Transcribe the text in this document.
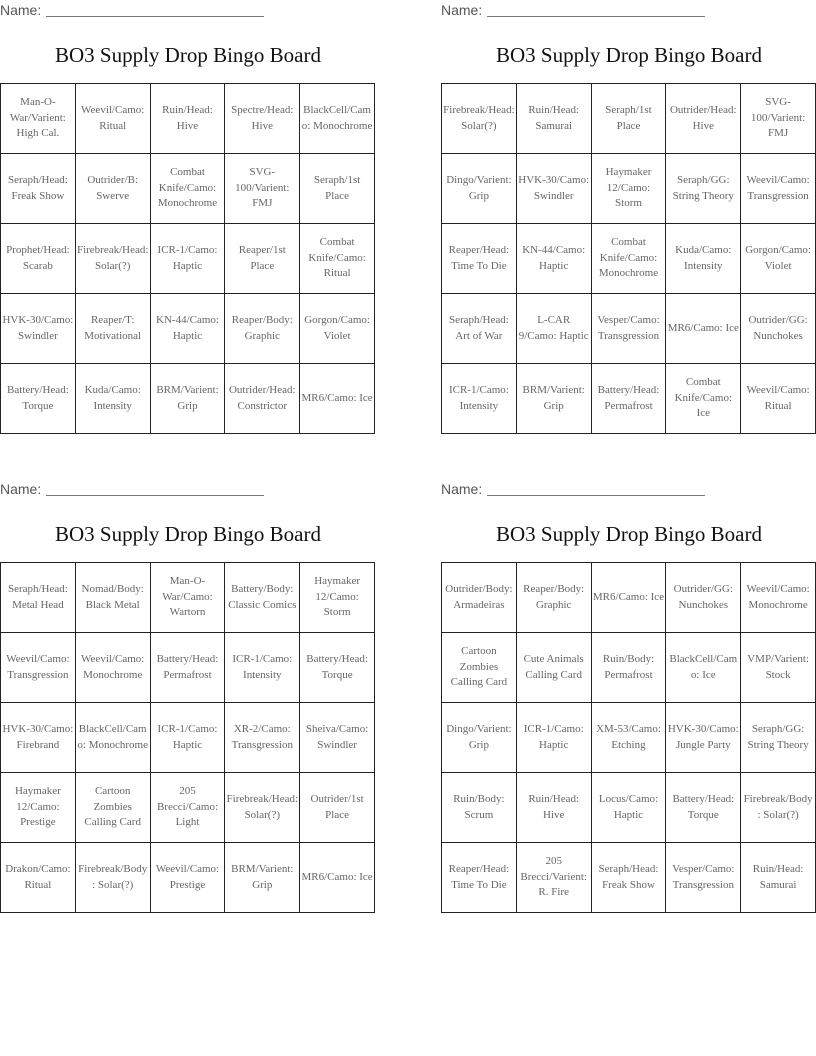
Name:
BO3 Supply Drop Bingo Board
Man-O-War/Varient: High Cal.
Weevil/Camo: Ritual
Ruin/Head: Hive
Spectre/Head: Hive
BlackCell/Camo: Monochrome
Seraph/Head: Freak Show
Outrider/B: Swerve
Combat Knife/Camo: Monochrome
SVG-100/Varient: FMJ
Seraph/1st Place
Prophet/Head: Scarab
Firebreak/Head: Solar(?)
ICR-1/Camo: Haptic
Reaper/1st Place
Combat Knife/Camo: Ritual
HVK-30/Camo: Swindler
Reaper/T: Motivational
KN-44/Camo: Haptic
Reaper/Body: Graphic
Gorgon/Camo: Violet
Battery/Head: Torque
Kuda/Camo: Intensity
BRM/Varient: Grip
Outrider/Head: Constrictor
MR6/Camo: Ice
Name:
BO3 Supply Drop Bingo Board
Firebreak/Head: Solar(?)
Ruin/Head: Samurai
Seraph/1st Place
Outrider/Head: Hive
SVG-100/Varient: FMJ
Dingo/Varient: Grip
HVK-30/Camo: Swindler
Haymaker 12/Camo: Storm
Seraph/GG: String Theory
Weevil/Camo: Transgression
Reaper/Head: Time To Die
KN-44/Camo: Haptic
Combat Knife/Camo: Monochrome
Kuda/Camo: Intensity
Gorgon/Camo: Violet
Seraph/Head: Art of War
L-CAR 9/Camo: Haptic
Vesper/Camo: Transgression
MR6/Camo: Ice
Outrider/GG: Nunchokes
ICR-1/Camo: Intensity
BRM/Varient: Grip
Battery/Head: Permafrost
Combat Knife/Camo: Ice
Weevil/Camo: Ritual
Name:
BO3 Supply Drop Bingo Board
Seraph/Head: Metal Head
Nomad/Body: Black Metal
Man-O-War/Camo: Wartorn
Battery/Body: Classic Comics
Haymaker 12/Camo: Storm
Weevil/Camo: Transgression
Weevil/Camo: Monochrome
Battery/Head: Permafrost
ICR-1/Camo: Intensity
Battery/Head: Torque
HVK-30/Camo: Firebrand
BlackCell/Camo: Monochrome
ICR-1/Camo: Haptic
XR-2/Camo: Transgression
Sheiva/Camo: Swindler
Haymaker 12/Camo: Prestige
Cartoon Zombies Calling Card
205 Brecci/Camo: Light
Firebreak/Head: Solar(?)
Outrider/1st Place
Drakon/Camo: Ritual
Firebreak/Body: Solar(?)
Weevil/Camo: Prestige
BRM/Varient: Grip
MR6/Camo: Ice
Name:
BO3 Supply Drop Bingo Board
Outrider/Body: Armadeiras
Reaper/Body: Graphic
MR6/Camo: Ice
Outrider/GG: Nunchokes
Weevil/Camo: Monochrome
Cartoon Zombies Calling Card
Cute Animals Calling Card
Ruin/Body: Permafrost
BlackCell/Camo: Ice
VMP/Varient: Stock
Dingo/Varient: Grip
ICR-1/Camo: Haptic
XM-53/Camo: Etching
HVK-30/Camo: Jungle Party
Seraph/GG: String Theory
Ruin/Body: Scrum
Ruin/Head: Hive
Locus/Camo: Haptic
Battery/Head: Torque
Firebreak/Body: Solar(?)
Reaper/Head: Time To Die
205 Brecci/Varient: R. Fire
Seraph/Head: Freak Show
Vesper/Camo: Transgression
Ruin/Head: Samurai
